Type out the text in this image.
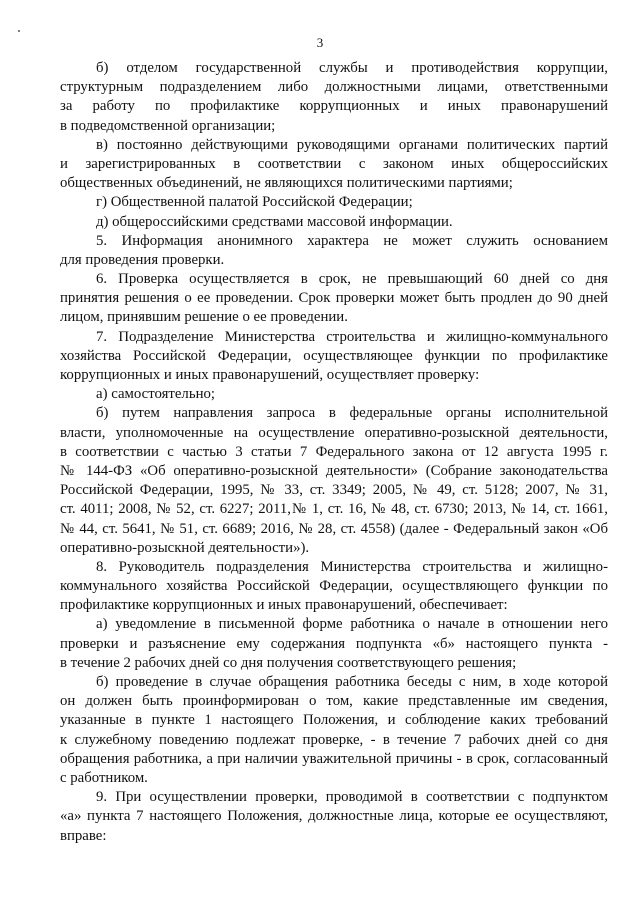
3
б) отделом государственной службы и противодействия коррупции,
структурным подразделением либо должностными лицами, ответственными
за работу по профилактике коррупционных и иных правонарушений
в подведомственной организации;
в) постоянно действующими руководящими органами политических партий
и зарегистрированных в соответствии с законом иных общероссийских
общественных объединений, не являющихся политическими партиями;
г) Общественной палатой Российской Федерации;
д) общероссийскими средствами массовой информации.
5. Информация анонимного характера не может служить основанием
для проведения проверки.
6. Проверка осуществляется в срок, не превышающий 60 дней со дня
принятия решения о ее проведении. Срок проверки может быть продлен до 90 дней
лицом, принявшим решение о ее проведении.
7. Подразделение Министерства строительства и жилищно-коммунального
хозяйства Российской Федерации, осуществляющее функции по профилактике
коррупционных и иных правонарушений, осуществляет проверку:
а) самостоятельно;
б) путем направления запроса в федеральные органы исполнительной
власти, уполномоченные на осуществление оперативно-розыскной деятельности,
в соответствии с частью 3 статьи 7 Федерального закона от 12 августа 1995 г.
№ 144-ФЗ «Об оперативно-розыскной деятельности» (Собрание законодательства
Российской Федерации, 1995, № 33, ст. 3349; 2005, № 49, ст. 5128; 2007, № 31,
ст. 4011; 2008, № 52, ст. 6227; 2011,№ 1, ст. 16, № 48, ст. 6730; 2013, № 14, ст. 1661,
№ 44, ст. 5641, № 51, ст. 6689; 2016, № 28, ст. 4558) (далее - Федеральный закон «Об
оперативно-розыскной деятельности»).
8. Руководитель подразделения Министерства строительства и жилищно-
коммунального хозяйства Российской Федерации, осуществляющего функции по
профилактике коррупционных и иных правонарушений, обеспечивает:
а) уведомление в письменной форме работника о начале в отношении него
проверки и разъяснение ему содержания подпункта «б» настоящего пункта -
в течение 2 рабочих дней со дня получения соответствующего решения;
б) проведение в случае обращения работника беседы с ним, в ходе которой
он должен быть проинформирован о том, какие представленные им сведения,
указанные в пункте 1 настоящего Положения, и соблюдение каких требований
к служебному поведению подлежат проверке, - в течение 7 рабочих дней со дня
обращения работника, а при наличии уважительной причины - в срок, согласованный
с работником.
9. При осуществлении проверки, проводимой в соответствии с подпунктом
«а» пункта 7 настоящего Положения, должностные лица, которые ее осуществляют,
вправе:
